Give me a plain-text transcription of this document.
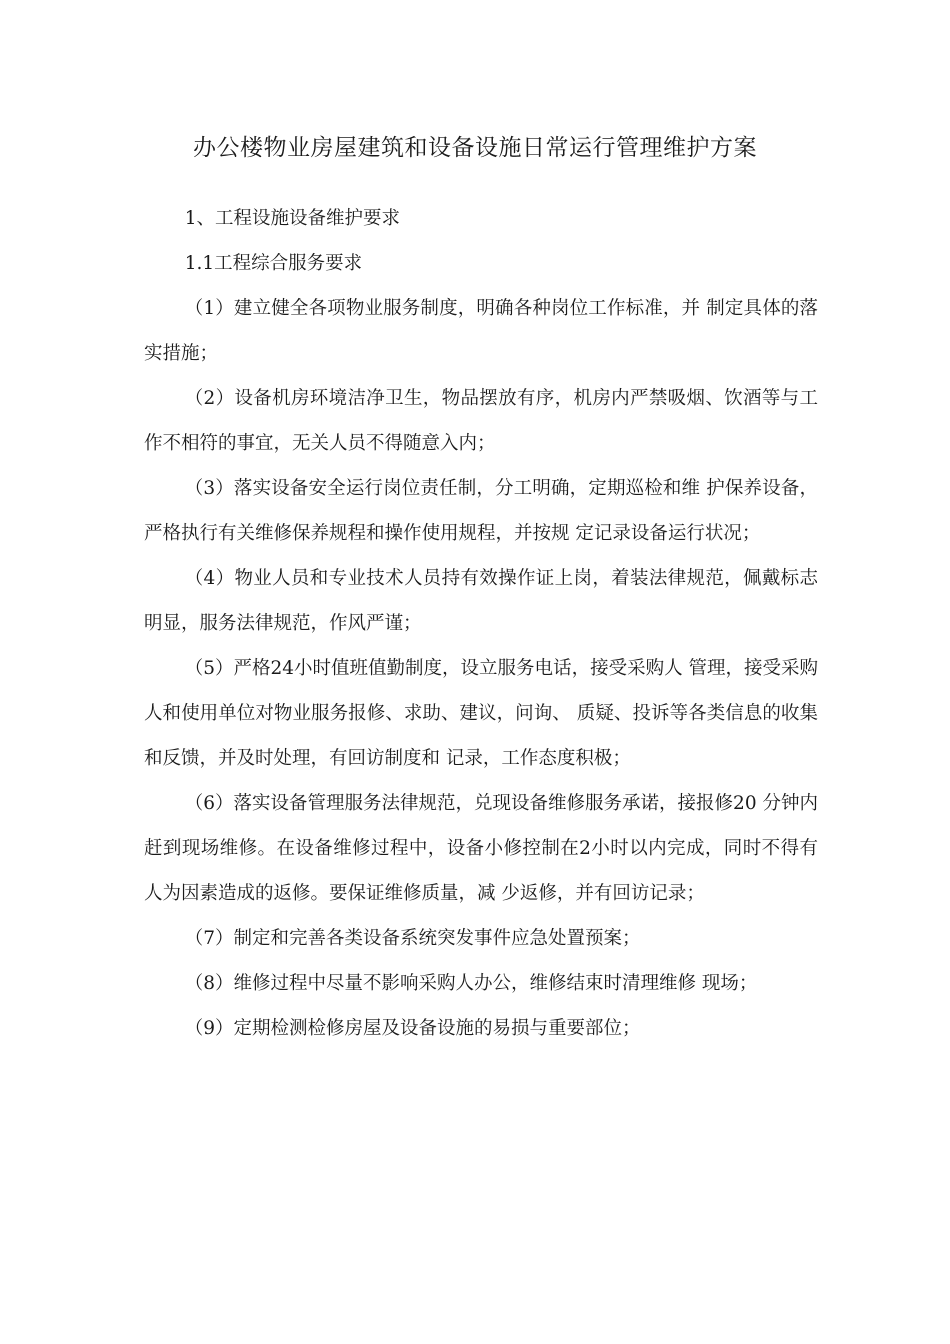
办公楼物业房屋建筑和设备设施日常运行管理维护方案

1、工程设施设备维护要求

1.1工程综合服务要求

（1）建立健全各项物业服务制度，明确各种岗位工作标准，并 制定具体的落实措施；

（2）设备机房环境洁净卫生，物品摆放有序，机房内严禁吸烟、饮酒等与工作不相符的事宜，无关人员不得随意入内；

（3）落实设备安全运行岗位责任制，分工明确，定期巡检和维 护保养设备，严格执行有关维修保养规程和操作使用规程，并按规 定记录设备运行状况；

（4）物业人员和专业技术人员持有效操作证上岗，着装法律规范，佩戴标志明显，服务法律规范，作风严谨；

（5）严格24小时值班值勤制度，设立服务电话，接受采购人 管理，接受采购人和使用单位对物业服务报修、求助、建议，问询、 质疑、投诉等各类信息的收集和反馈，并及时处理，有回访制度和 记录，工作态度积极；

（6）落实设备管理服务法律规范，兑现设备维修服务承诺，接报修20 分钟内赶到现场维修。在设备维修过程中，设备小修控制在2小时以内完成，同时不得有人为因素造成的返修。要保证维修质量，减 少返修，并有回访记录；

（7）制定和完善各类设备系统突发事件应急处置预案；

（8）维修过程中尽量不影响采购人办公，维修结束时清理维修 现场；

（9）定期检测检修房屋及设备设施的易损与重要部位；
